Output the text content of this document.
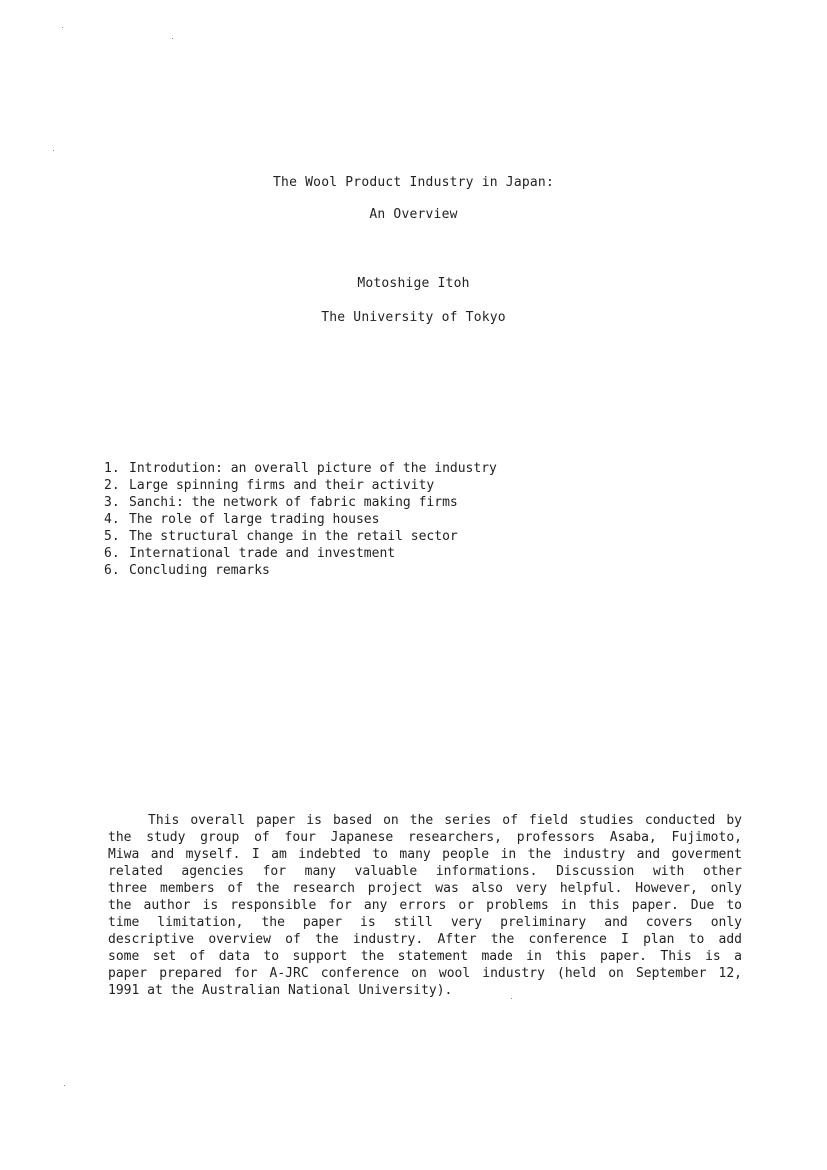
The Wool Product Industry in Japan:
An Overview
Motoshige Itoh
The University of Tokyo
1. Introdution: an overall picture of the industry
2. Large spinning firms and their activity
3. Sanchi: the network of fabric making firms
4. The role of large trading houses
5. The structural change in the retail sector
6. International trade and investment
6. Concluding remarks
This overall paper is based on the series of field studies conducted by
the study group of four Japanese researchers, professors Asaba, Fujimoto,
Miwa and myself. I am indebted to many people in the industry and goverment
related agencies for many valuable informations. Discussion with other
three members of the research project was also very helpful. However, only
the author is responsible for any errors or problems in this paper. Due to
time limitation, the paper is still very preliminary and covers only
descriptive overview of the industry. After the conference I plan to add
some set of data to support the statement made in this paper. This is a
paper prepared for A-JRC conference on wool industry (held on September 12,
1991 at the Australian National University).
